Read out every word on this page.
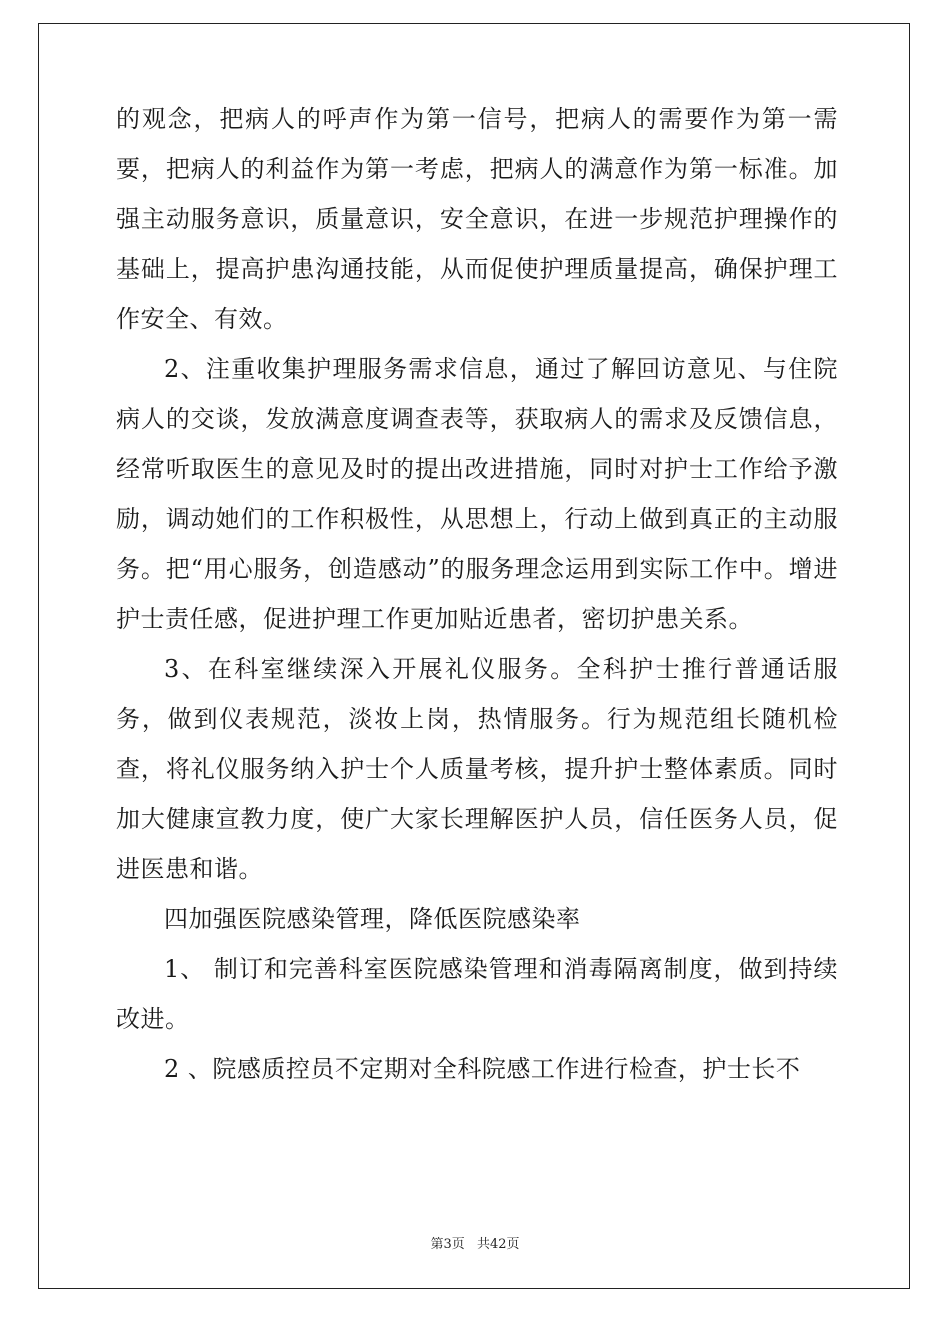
的观念，把病人的呼声作为第一信号，把病人的需要作为第一需要，把病人的利益作为第一考虑，把病人的满意作为第一标准。加强主动服务意识，质量意识，安全意识，在进一步规范护理操作的基础上，提高护患沟通技能，从而促使护理质量提高，确保护理工作安全、有效。

2、注重收集护理服务需求信息，通过了解回访意见、与住院病人的交谈，发放满意度调查表等，获取病人的需求及反馈信息，经常听取医生的意见及时的提出改进措施，同时对护士工作给予激励，调动她们的工作积极性，从思想上，行动上做到真正的主动服务。把“用心服务，创造感动”的服务理念运用到实际工作中。增进护士责任感，促进护理工作更加贴近患者，密切护患关系。

3、在科室继续深入开展礼仪服务。全科护士推行普通话服务，做到仪表规范，淡妆上岗，热情服务。行为规范组长随机检查，将礼仪服务纳入护士个人质量考核，提升护士整体素质。同时加大健康宣教力度，使广大家长理解医护人员，信任医务人员，促进医患和谐。

四加强医院感染管理，降低医院感染率

1、 制订和完善科室医院感染管理和消毒隔离制度，做到持续改进。

2 、院感质控员不定期对全科院感工作进行检查，护士长不

第3页 共42页
